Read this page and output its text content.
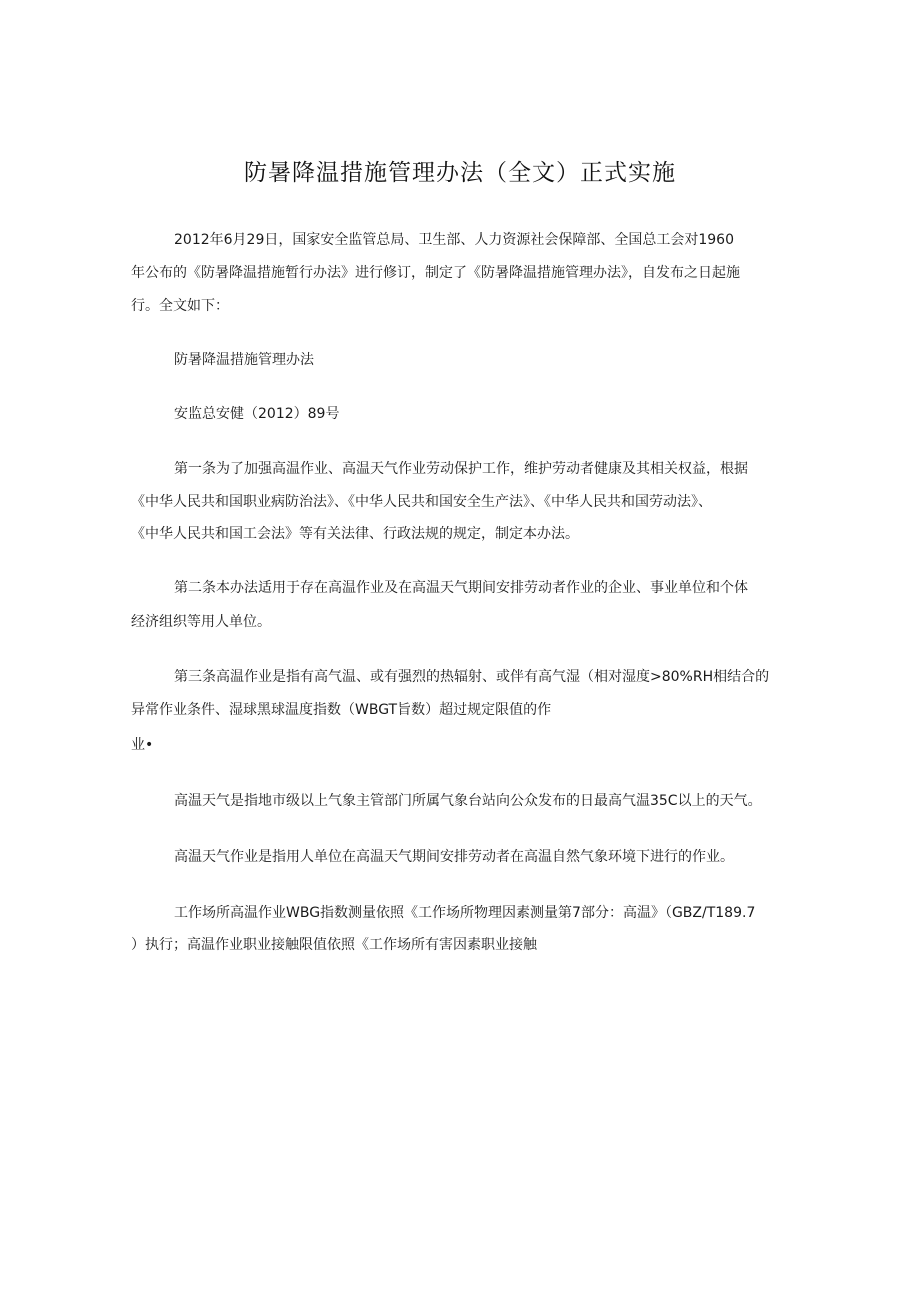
防暑降温措施管理办法（全文）正式实施

2012年6月29日，国家安全监管总局、卫生部、人力资源社会保障部、全国总工会对1960

年公布的《防暑降温措施暂行办法》进行修订，制定了《防暑降温措施管理办法》，自发布之日起施

行。全文如下：

防暑降温措施管理办法

安监总安健（2012）89号

第一条为了加强高温作业、高温天气作业劳动保护工作，维护劳动者健康及其相关权益，根据

《中华人民共和国职业病防治法》、《中华人民共和国安全生产法》、《中华人民共和国劳动法》、

《中华人民共和国工会法》等有关法律、行政法规的规定，制定本办法。

第二条本办法适用于存在高温作业及在高温天气期间安排劳动者作业的企业、事业单位和个体

经济组织等用人单位。

第三条高温作业是指有高气温、或有强烈的热辐射、或伴有高气湿（相对湿度>80%RH相结合的

异常作业条件、湿球黑球温度指数（WBGT旨数）超过规定限值的作

业•

高温天气是指地市级以上气象主管部门所属气象台站向公众发布的日最高气温35C以上的天气。

高温天气作业是指用人单位在高温天气期间安排劳动者在高温自然气象环境下进行的作业。

工作场所高温作业WBG指数测量依照《工作场所物理因素测量第7部分：高温》（GBZ/T189.7

）执行；高温作业职业接触限值依照《工作场所有害因素职业接触
